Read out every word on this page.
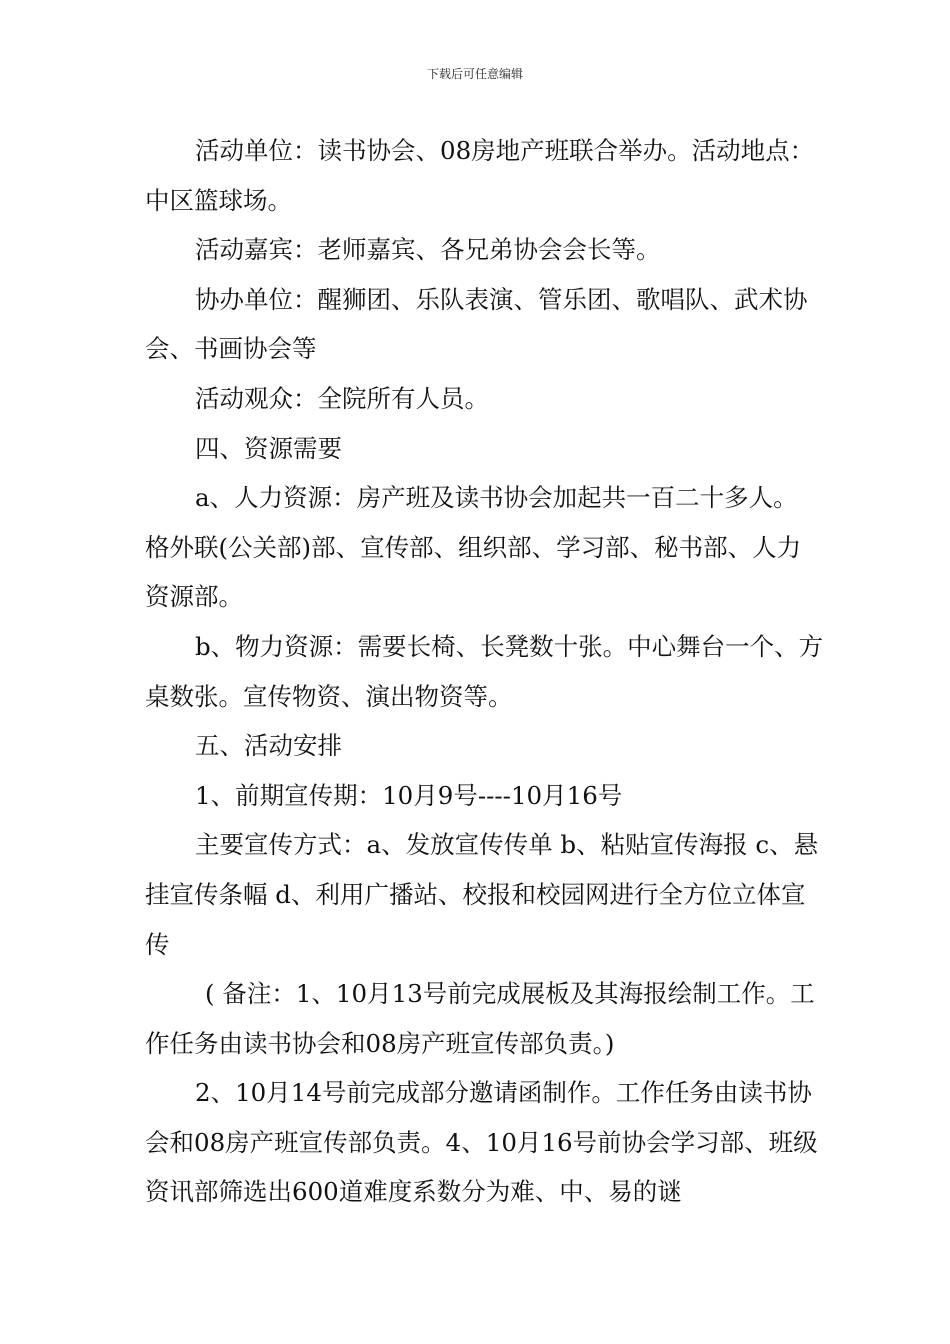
下载后可任意编辑

活动单位：读书协会、08房地产班联合举办。活动地点：中区篮球场。

活动嘉宾：老师嘉宾、各兄弟协会会长等。

协办单位：醒狮团、乐队表演、管乐团、歌唱队、武术协会、书画协会等

活动观众：全院所有人员。

四、资源需要

a、人力资源：房产班及读书协会加起共一百二十多人。

格外联(公关部)部、宣传部、组织部、学习部、秘书部、人力资源部。

b、物力资源：需要长椅、长凳数十张。中心舞台一个、方桌数张。宣传物资、演出物资等。

五、活动安排

1、前期宣传期：10月9号----10月16号

主要宣传方式：a、发放宣传传单 b、粘贴宣传海报 c、悬挂宣传条幅 d、利用广播站、校报和校园网进行全方位立体宣传

( 备注：1、10月13号前完成展板及其海报绘制工作。工作任务由读书协会和08房产班宣传部负责。)

2、10月14号前完成部分邀请函制作。工作任务由读书协会和08房产班宣传部负责。4、10月16号前协会学习部、班级资讯部筛选出600道难度系数分为难、中、易的谜
